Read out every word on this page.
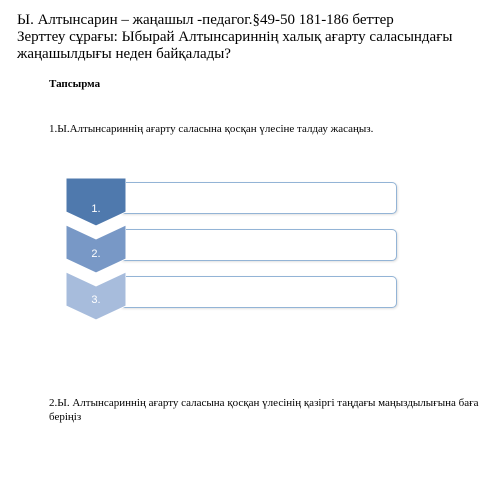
Ы. Алтынсарин – жаңашыл -педагог.§49-50 181-186 беттер
Зерттеу сұрағы: Ыбырай Алтынсариннің халық ағарту саласындағы
жаңашылдығы неден байқалады?
Тапсырма
1.Ы.Алтынсариннің ағарту саласына қосқан үлесіне талдау жасаңыз.
1.
2.
3.
2.Ы. Алтынсариннің ағарту саласына қосқан үлесінің қазіргі таңдағы маңыздылығына баға беріңіз
